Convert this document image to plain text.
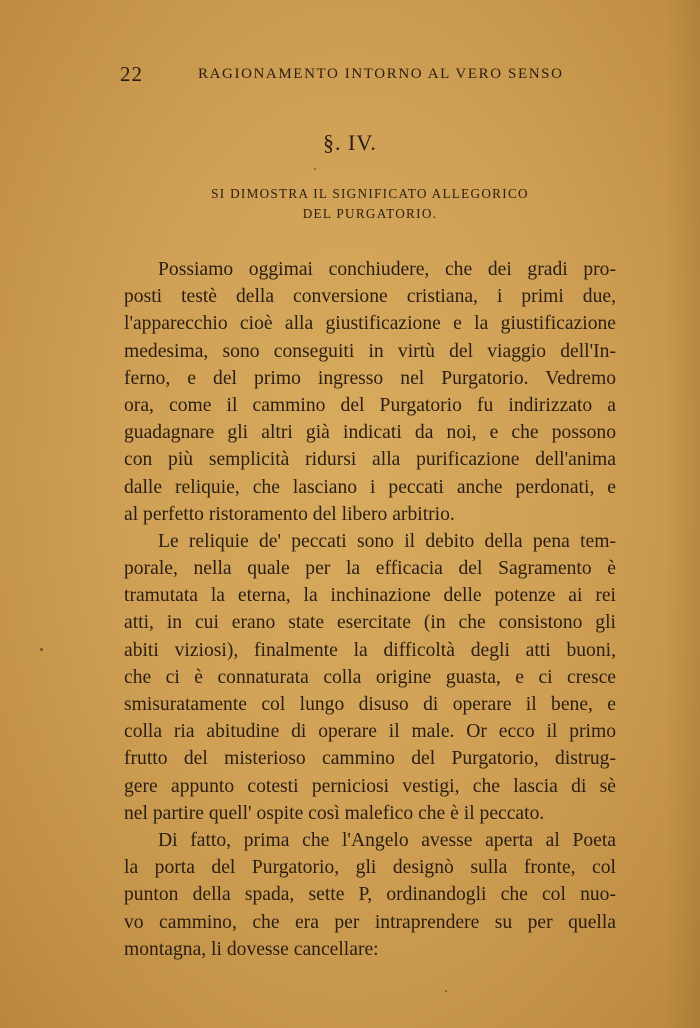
22	RAGIONAMENTO INTORNO AL VERO SENSO
§. IV.
SI DIMOSTRA IL SIGNIFICATO ALLEGORICO
DEL PURGATORIO.
Possiamo oggimai conchiudere, che dei gradi pro-
posti testè della conversione cristiana, i primi due,
l'apparecchio cioè alla giustificazione e la giustificazione
medesima, sono conseguiti in virtù del viaggio dell'In-
ferno, e del primo ingresso nel Purgatorio. Vedremo
ora, come il cammino del Purgatorio fu indirizzato a
guadagnare gli altri già indicati da noi, e che possono
con più semplicità ridursi alla purificazione dell'anima
dalle reliquie, che lasciano i peccati anche perdonati, e
al perfetto ristoramento del libero arbitrio.
Le reliquie de' peccati sono il debito della pena tem-
porale, nella quale per la efficacia del Sagramento è
tramutata la eterna, la inchinazione delle potenze ai rei
atti, in cui erano state esercitate (in che consistono gli
abiti viziosi), finalmente la difficoltà degli atti buoni,
che ci è connaturata colla origine guasta, e ci cresce
smisuratamente col lungo disuso di operare il bene, e
colla ria abitudine di operare il male. Or ecco il primo
frutto del misterioso cammino del Purgatorio, distrug-
gere appunto cotesti perniciosi vestigi, che lascia di sè
nel partire quell' ospite così malefico che è il peccato.
Di fatto, prima che l'Angelo avesse aperta al Poeta
la porta del Purgatorio, gli designò sulla fronte, col
punton della spada, sette P, ordinandogli che col nuo-
vo cammino, che era per intraprendere su per quella
montagna, li dovesse cancellare:
